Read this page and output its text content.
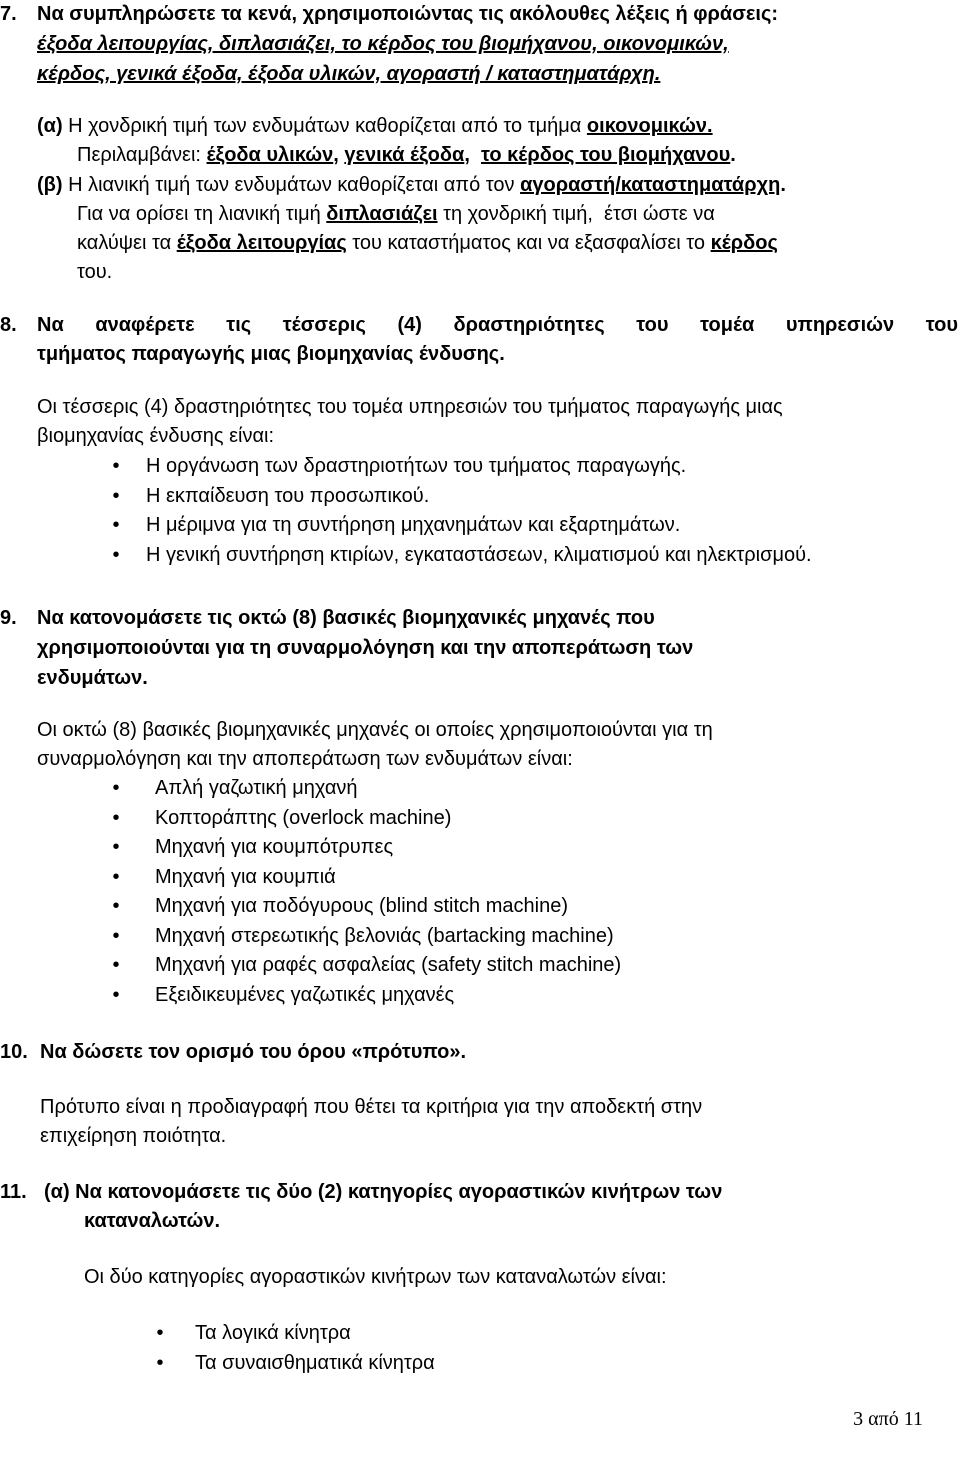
7. Να συμπληρώσετε τα κενά, χρησιμοποιώντας τις ακόλουθες λέξεις ή φράσεις:
έξοδα λειτουργίας, διπλασιάζει, το κέρδος του βιομήχανου, οικονομικών,
κέρδος, γενικά έξοδα, έξοδα υλικών, αγοραστή / καταστηματάρχη.
(α) Η χονδρική τιμή των ενδυμάτων καθορίζεται από το τμήμα οικονομικών.
Περιλαμβάνει: έξοδα υλικών, γενικά έξοδα,  το κέρδος του βιομήχανου.
(β) Η λιανική τιμή των ενδυμάτων καθορίζεται από τον αγοραστή/καταστηματάρχη.
Για να ορίσει τη λιανική τιμή διπλασιάζει τη χονδρική τιμή,  έτσι ώστε να
καλύψει τα έξοδα λειτουργίας του καταστήματος και να εξασφαλίσει το κέρδος
του.
8. Να αναφέρετε τις τέσσερις (4) δραστηριότητες του τομέα υπηρεσιών του
τμήματος παραγωγής μιας βιομηχανίας ένδυσης.
Οι τέσσερις (4) δραστηριότητες του τομέα υπηρεσιών του τμήματος παραγωγής μιας
βιομηχανίας ένδυσης είναι:
•	Η οργάνωση των δραστηριοτήτων του τμήματος παραγωγής.
•	Η εκπαίδευση του προσωπικού.
•	Η μέριμνα για τη συντήρηση μηχανημάτων και εξαρτημάτων.
•	Η γενική συντήρηση κτιρίων, εγκαταστάσεων, κλιματισμού και ηλεκτρισμού.
9. Να κατονομάσετε τις οκτώ (8) βασικές βιομηχανικές μηχανές που
χρησιμοποιούνται για τη συναρμολόγηση και την αποπεράτωση των
ενδυμάτων.
Οι οκτώ (8) βασικές βιομηχανικές μηχανές οι οποίες χρησιμοποιούνται για τη
συναρμολόγηση και την αποπεράτωση των ενδυμάτων είναι:
•	Απλή γαζωτική μηχανή
•	Κοπτοράπτης (overlock machine)
•	Μηχανή για κουμπότρυπες
•	Μηχανή για κουμπιά
•	Μηχανή για ποδόγυρους (blind stitch machine)
•	Μηχανή στερεωτικής βελονιάς (bartacking machine)
•	Μηχανή για ραφές ασφαλείας (safety stitch machine)
•	Εξειδικευμένες γαζωτικές μηχανές
10. Να δώσετε τον ορισμό του όρου «πρότυπο».
Πρότυπο είναι η προδιαγραφή που θέτει τα κριτήρια για την αποδεκτή στην
επιχείρηση ποιότητα.
11. (α) Να κατονομάσετε τις δύο (2) κατηγορίες αγοραστικών κινήτρων των
καταναλωτών.
Οι δύο κατηγορίες αγοραστικών κινήτρων των καταναλωτών είναι:
•	Τα λογικά κίνητρα
•	Τα συναισθηματικά κίνητρα
3 από 11
